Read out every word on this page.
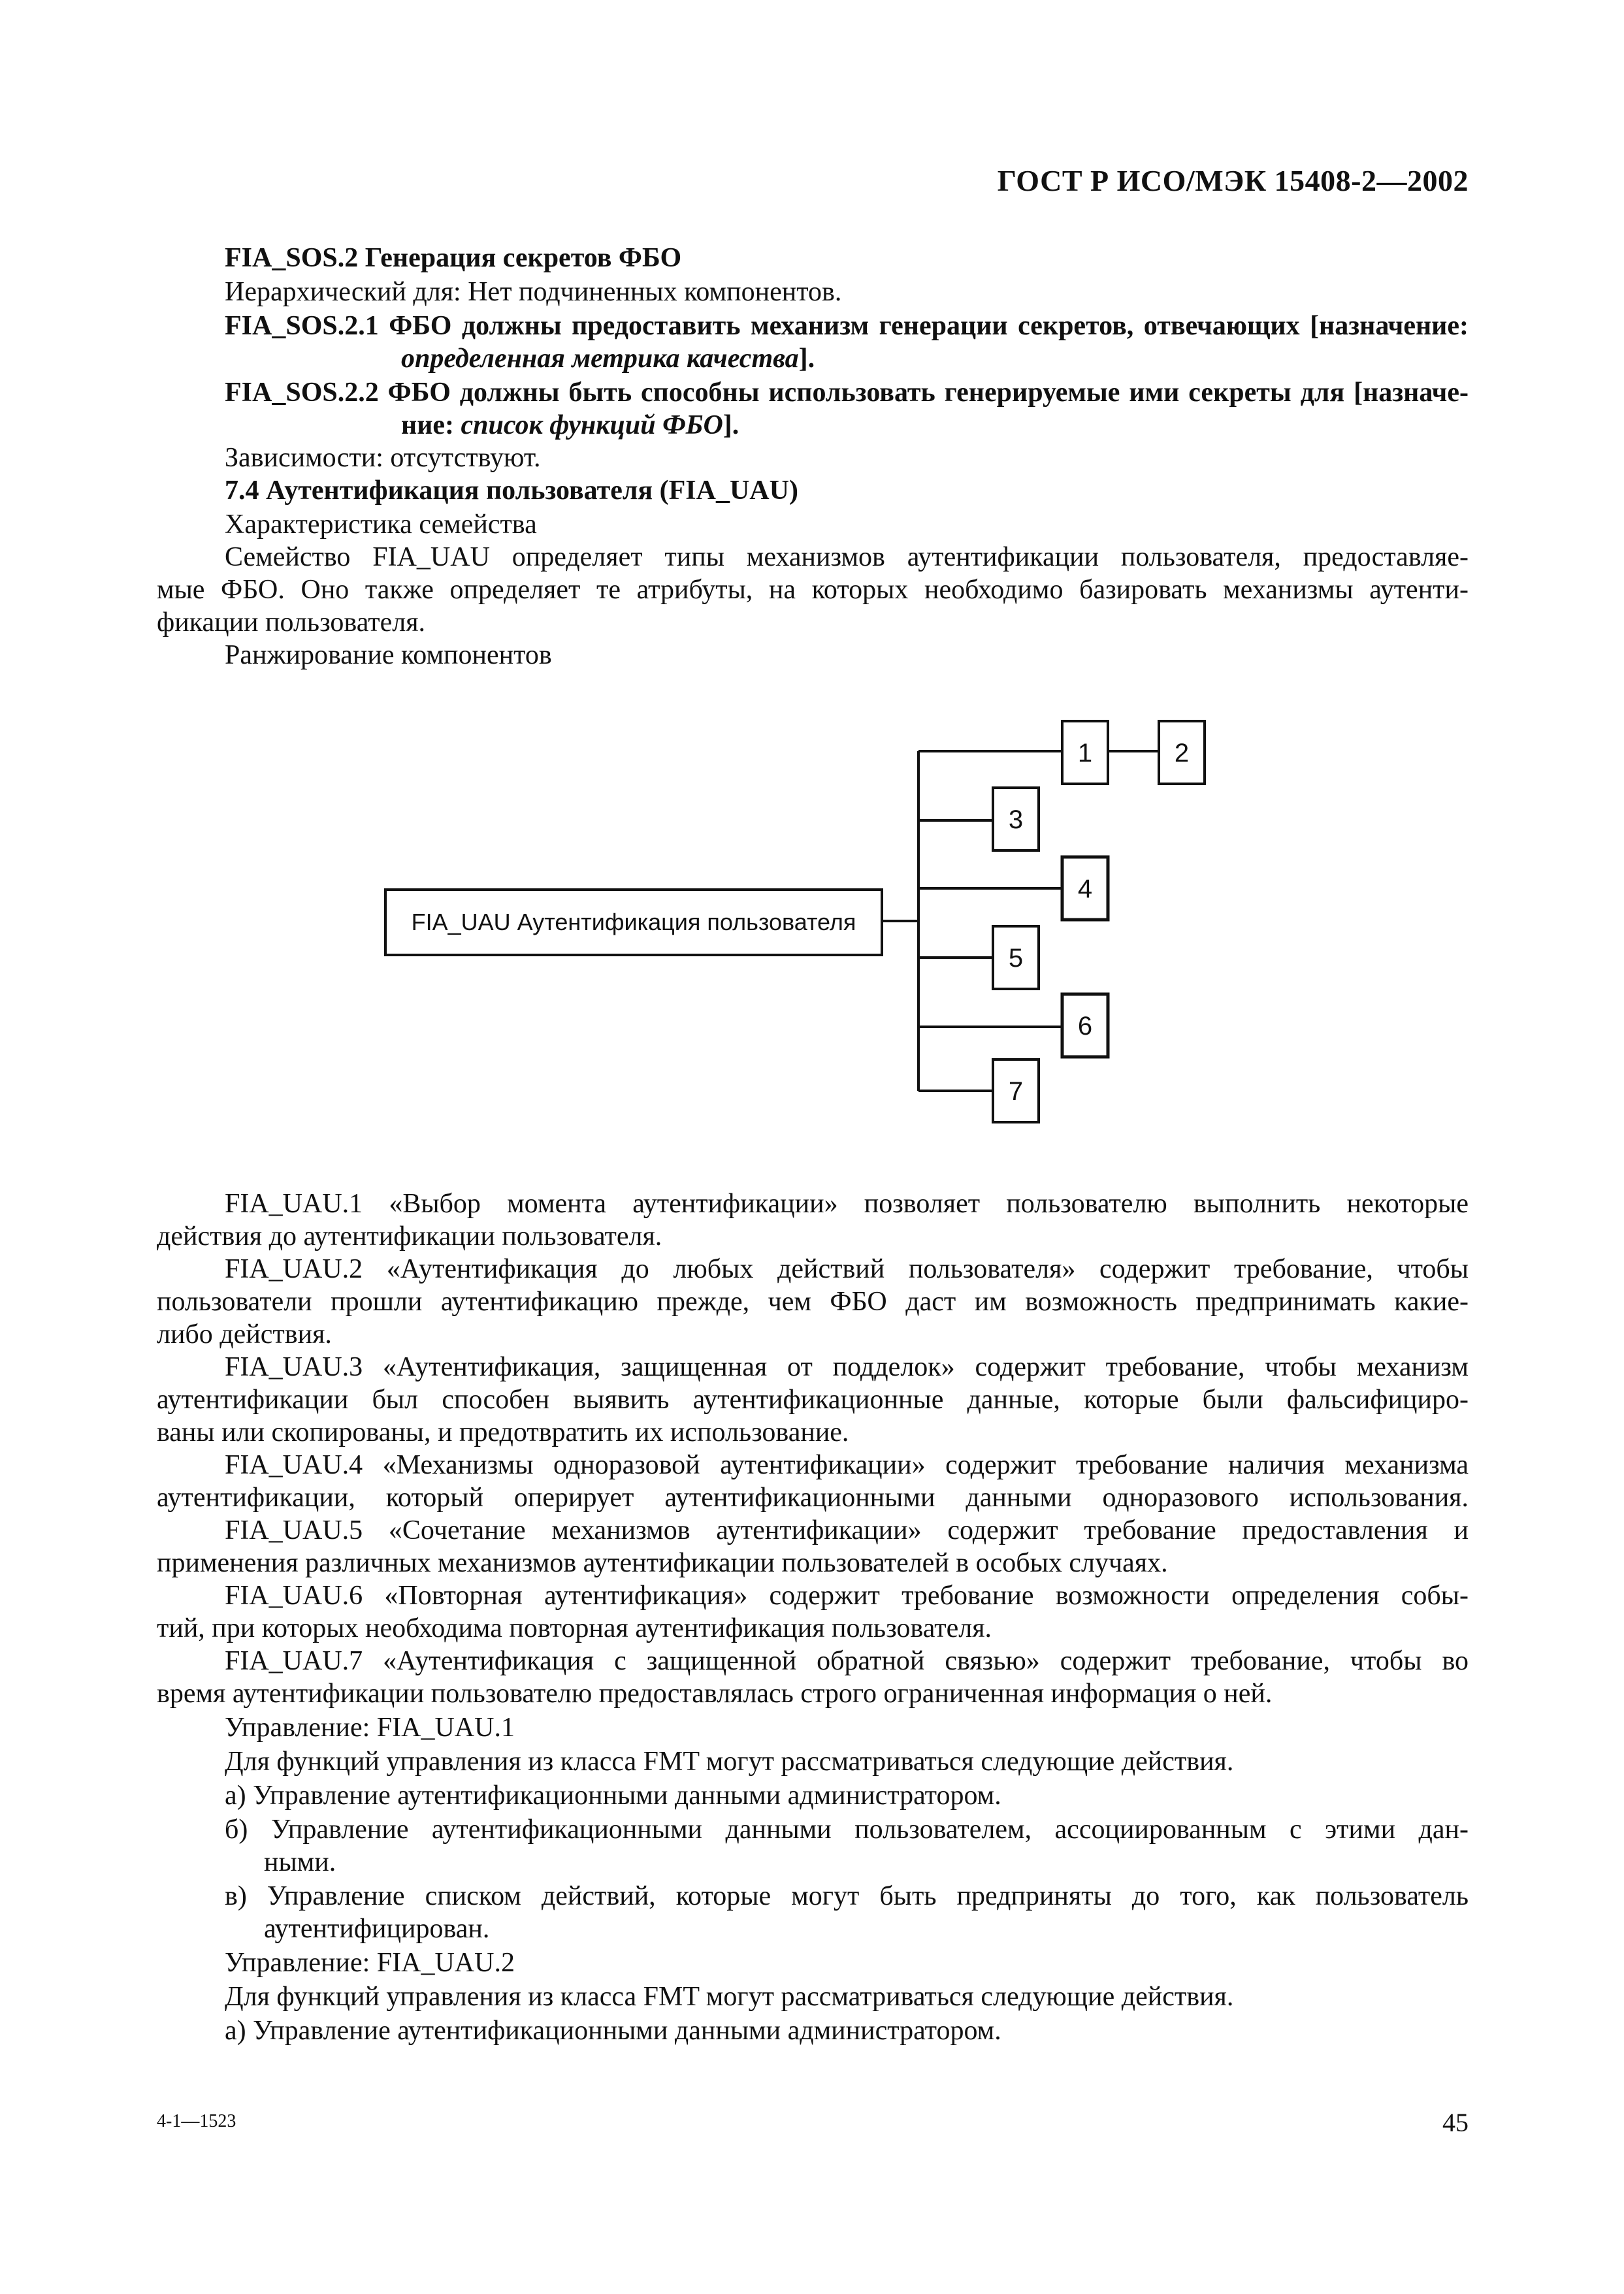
ГОСТ Р ИСО/МЭК 15408-2—2002
FIA_SOS.2 Генерация секретов ФБО
Иерархический для: Нет подчиненных компонентов.
FIA_SOS.2.1 ФБО должны предоставить механизм генерации секретов, отвечающих [назначение:
определенная метрика качества].
FIA_SOS.2.2 ФБО должны быть способны использовать генерируемые ими секреты для [назначе-
ние: список функций ФБО].
Зависимости: отсутствуют.
7.4 Аутентификация пользователя (FIA_UAU)
Характеристика семейства
Семейство FIA_UAU определяет типы механизмов аутентификации пользователя, предоставляе-
мые ФБО. Оно также определяет те атрибуты, на которых необходимо базировать механизмы аутенти-
фикации пользователя.
Ранжирование компонентов
FIA_UAU Аутентификация пользователя
1	2
3
4
5
6
7
FIA_UAU.1 «Выбор момента аутентификации» позволяет пользователю выполнить некоторые
действия до аутентификации пользователя.
FIA_UAU.2 «Аутентификация до любых действий пользователя» содержит требование, чтобы
пользователи прошли аутентификацию прежде, чем ФБО даст им возможность предпринимать какие-
либо действия.
FIA_UAU.3 «Аутентификация, защищенная от подделок» содержит требование, чтобы механизм
аутентификации был способен выявить аутентификационные данные, которые были фальсифициро-
ваны или скопированы, и предотвратить их использование.
FIA_UAU.4 «Механизмы одноразовой аутентификации» содержит требование наличия механизма
аутентификации, который оперирует аутентификационными данными одноразового использования.
FIA_UAU.5 «Сочетание механизмов аутентификации» содержит требование предоставления и
применения различных механизмов аутентификации пользователей в особых случаях.
FIA_UAU.6 «Повторная аутентификация» содержит требование возможности определения собы-
тий, при которых необходима повторная аутентификация пользователя.
FIA_UAU.7 «Аутентификация с защищенной обратной связью» содержит требование, чтобы во
время аутентификации пользователю предоставлялась строго ограниченная информация о ней.
Управление: FIA_UAU.1
Для функций управления из класса FMT могут рассматриваться следующие действия.
а) Управление аутентификационными данными администратором.
б) Управление аутентификационными данными пользователем, ассоциированным с этими дан-
ными.
в) Управление списком действий, которые могут быть предприняты до того, как пользователь
аутентифицирован.
Управление: FIA_UAU.2
Для функций управления из класса FMT могут рассматриваться следующие действия.
а) Управление аутентификационными данными администратором.
4-1—1523	45
